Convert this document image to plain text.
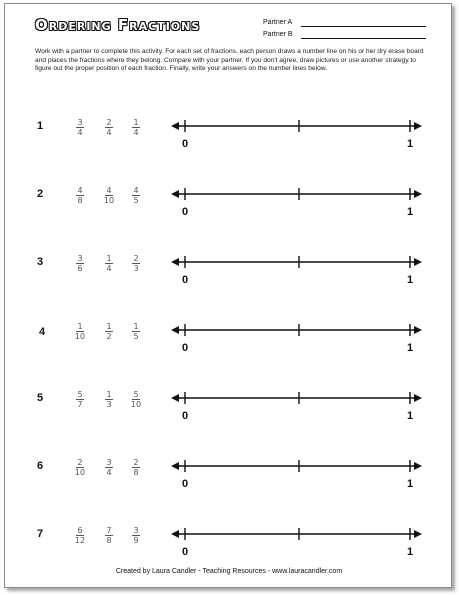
Ordering Fractions	Partner A
Partner B
Work with a partner to complete this activity. For each set of fractions, each person draws a number line on his or her dry erase board and places the fractions where they belong. Compare with your partner. If you don't agree, draw pictures or use another strategy to figure out the proper position of each fraction. Finally, write your answers on the number lines below.
1	$\frac{3}{4} \frac{2}{4} \frac{1}{4}$
0	1
2	$\frac{4}{8} \frac{4}{10} \frac{4}{5}$
0	1
3	$\frac{3}{6} \frac{1}{4} \frac{2}{3}$
0	1
4	$\frac{1}{10} \frac{1}{2} \frac{1}{5}$
0	1
5	$\frac{5}{7} \frac{1}{3} \frac{5}{10}$
0	1
6	$\frac{2}{10} \frac{3}{4} \frac{2}{8}$
0	1
7	$\frac{6}{12} \frac{7}{8} \frac{3}{9}$
0	1
Created by Laura Candler - Teaching Resources - www.lauracandler.com
